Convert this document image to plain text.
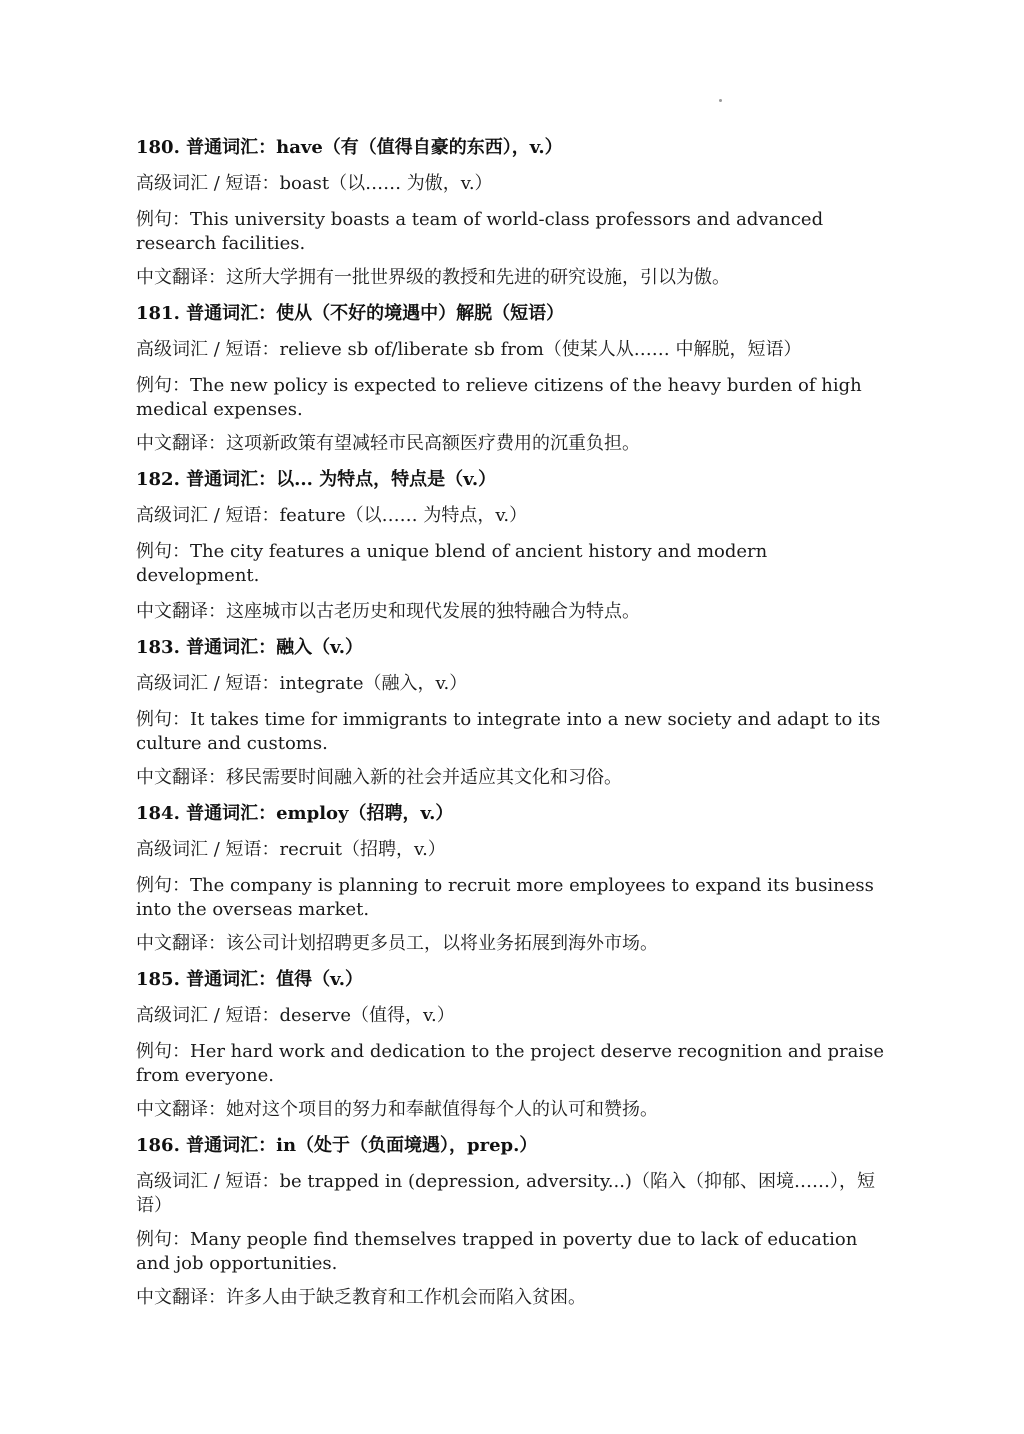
180. 普通词汇：have（有（值得自豪的东西），v.）

高级词汇 / 短语：boast（以…… 为傲，v.）

例句：This university boasts a team of world-class professors and advanced research facilities.

中文翻译：这所大学拥有一批世界级的教授和先进的研究设施，引以为傲。

181. 普通词汇：使从（不好的境遇中）解脱（短语）

高级词汇 / 短语：relieve sb of/liberate sb from（使某人从…… 中解脱，短语）

例句：The new policy is expected to relieve citizens of the heavy burden of high medical expenses.

中文翻译：这项新政策有望减轻市民高额医疗费用的沉重负担。

182. 普通词汇：以... 为特点，特点是（v.）

高级词汇 / 短语：feature（以…… 为特点，v.）

例句：The city features a unique blend of ancient history and modern development.

中文翻译：这座城市以古老历史和现代发展的独特融合为特点。

183. 普通词汇：融入（v.）

高级词汇 / 短语：integrate（融入，v.）

例句：It takes time for immigrants to integrate into a new society and adapt to its culture and customs.

中文翻译：移民需要时间融入新的社会并适应其文化和习俗。

184. 普通词汇：employ（招聘，v.）

高级词汇 / 短语：recruit（招聘，v.）

例句：The company is planning to recruit more employees to expand its business into the overseas market.

中文翻译：该公司计划招聘更多员工，以将业务拓展到海外市场。

185. 普通词汇：值得（v.）

高级词汇 / 短语：deserve（值得，v.）

例句：Her hard work and dedication to the project deserve recognition and praise from everyone.

中文翻译：她对这个项目的努力和奉献值得每个人的认可和赞扬。

186. 普通词汇：in（处于（负面境遇），prep.）

高级词汇 / 短语：be trapped in (depression, adversity...)（陷入（抑郁、困境……），短语）

例句：Many people find themselves trapped in poverty due to lack of education and job opportunities.

中文翻译：许多人由于缺乏教育和工作机会而陷入贫困。
